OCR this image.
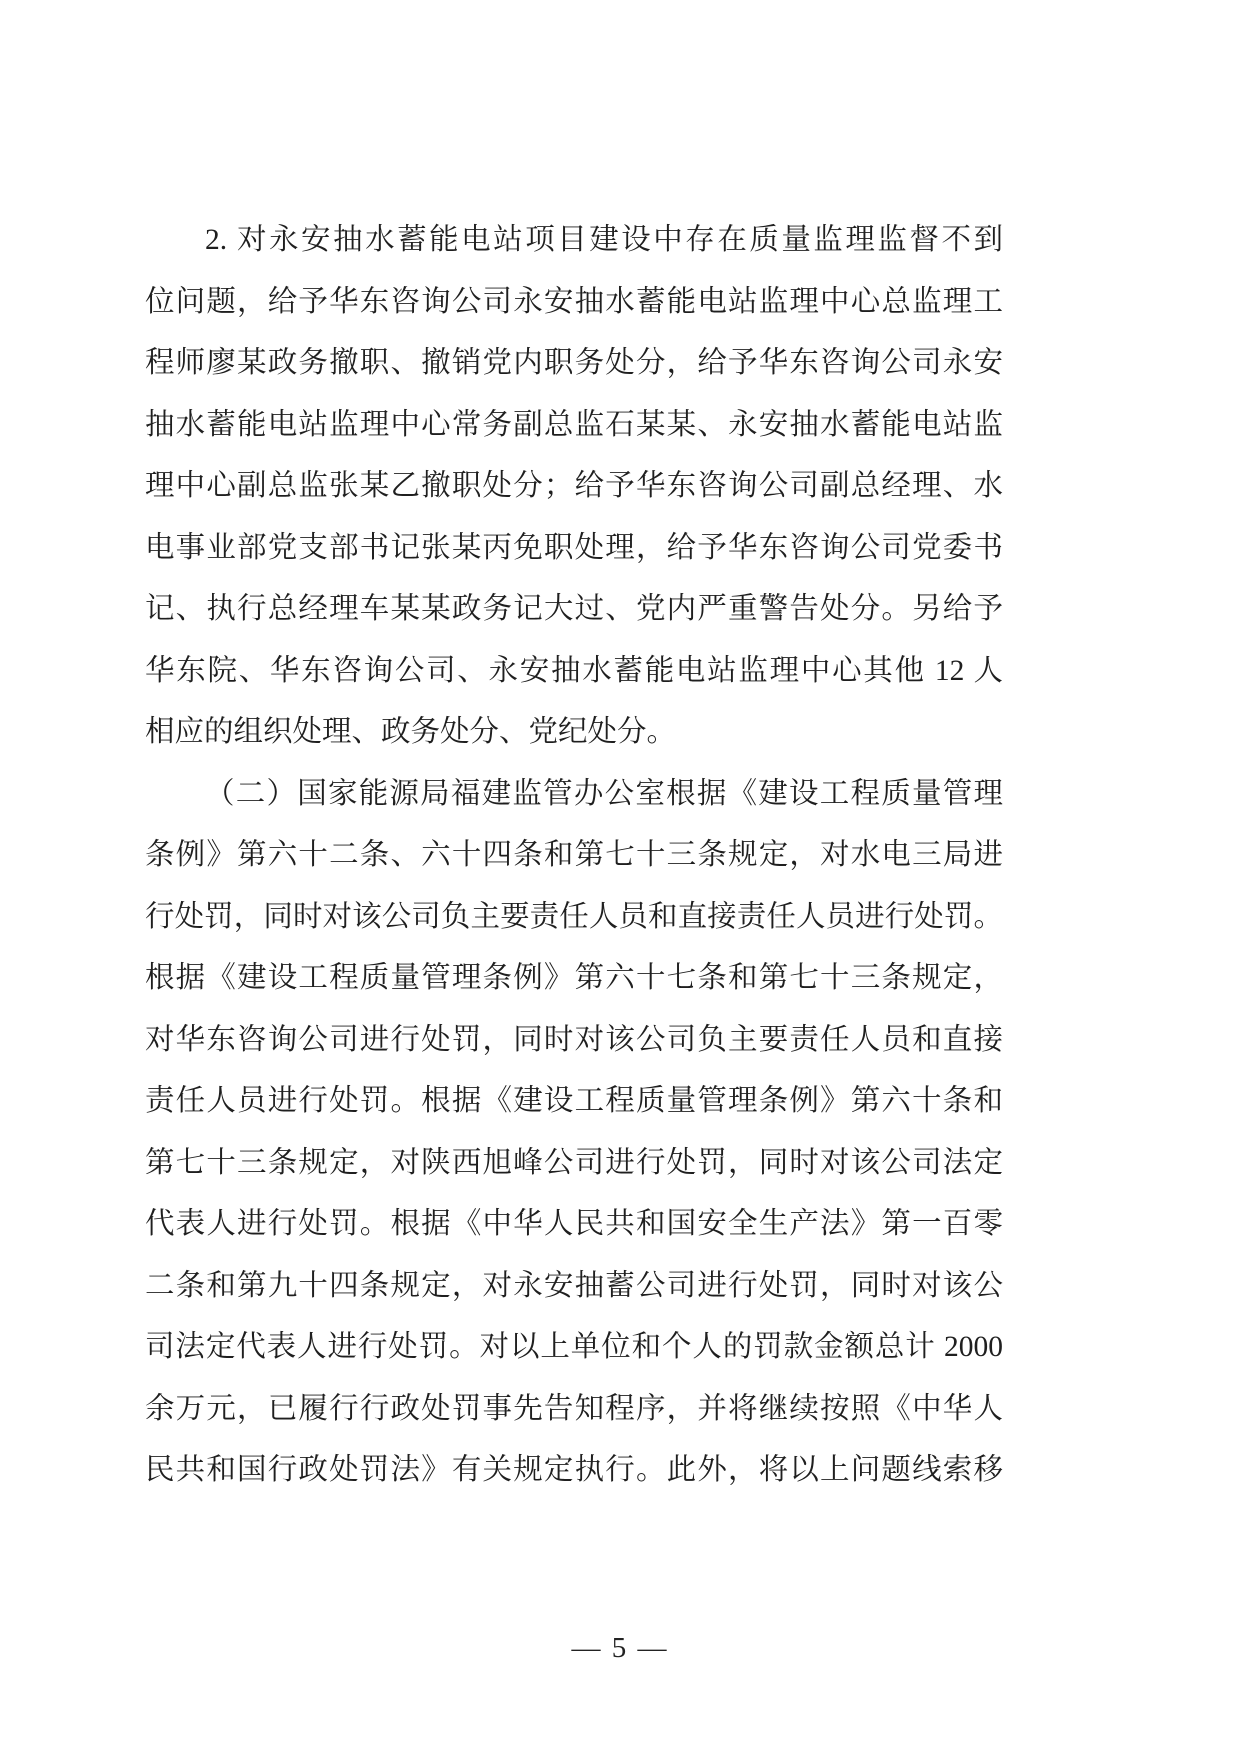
2. 对永安抽水蓄能电站项目建设中存在质量监理监督不到
位问题，给予华东咨询公司永安抽水蓄能电站监理中心总监理工
程师廖某政务撤职、撤销党内职务处分，给予华东咨询公司永安
抽水蓄能电站监理中心常务副总监石某某、永安抽水蓄能电站监
理中心副总监张某乙撤职处分；给予华东咨询公司副总经理、水
电事业部党支部书记张某丙免职处理，给予华东咨询公司党委书
记、执行总经理车某某政务记大过、党内严重警告处分。另给予
华东院、华东咨询公司、永安抽水蓄能电站监理中心其他 12 人
相应的组织处理、政务处分、党纪处分。
（二）国家能源局福建监管办公室根据《建设工程质量管理
条例》第六十二条、六十四条和第七十三条规定，对水电三局进
行处罚，同时对该公司负主要责任人员和直接责任人员进行处罚。
根据《建设工程质量管理条例》第六十七条和第七十三条规定，
对华东咨询公司进行处罚，同时对该公司负主要责任人员和直接
责任人员进行处罚。根据《建设工程质量管理条例》第六十条和
第七十三条规定，对陕西旭峰公司进行处罚，同时对该公司法定
代表人进行处罚。根据《中华人民共和国安全生产法》第一百零
二条和第九十四条规定，对永安抽蓄公司进行处罚，同时对该公
司法定代表人进行处罚。对以上单位和个人的罚款金额总计 2000
余万元，已履行行政处罚事先告知程序，并将继续按照《中华人
民共和国行政处罚法》有关规定执行。此外，将以上问题线索移
— 5 —
